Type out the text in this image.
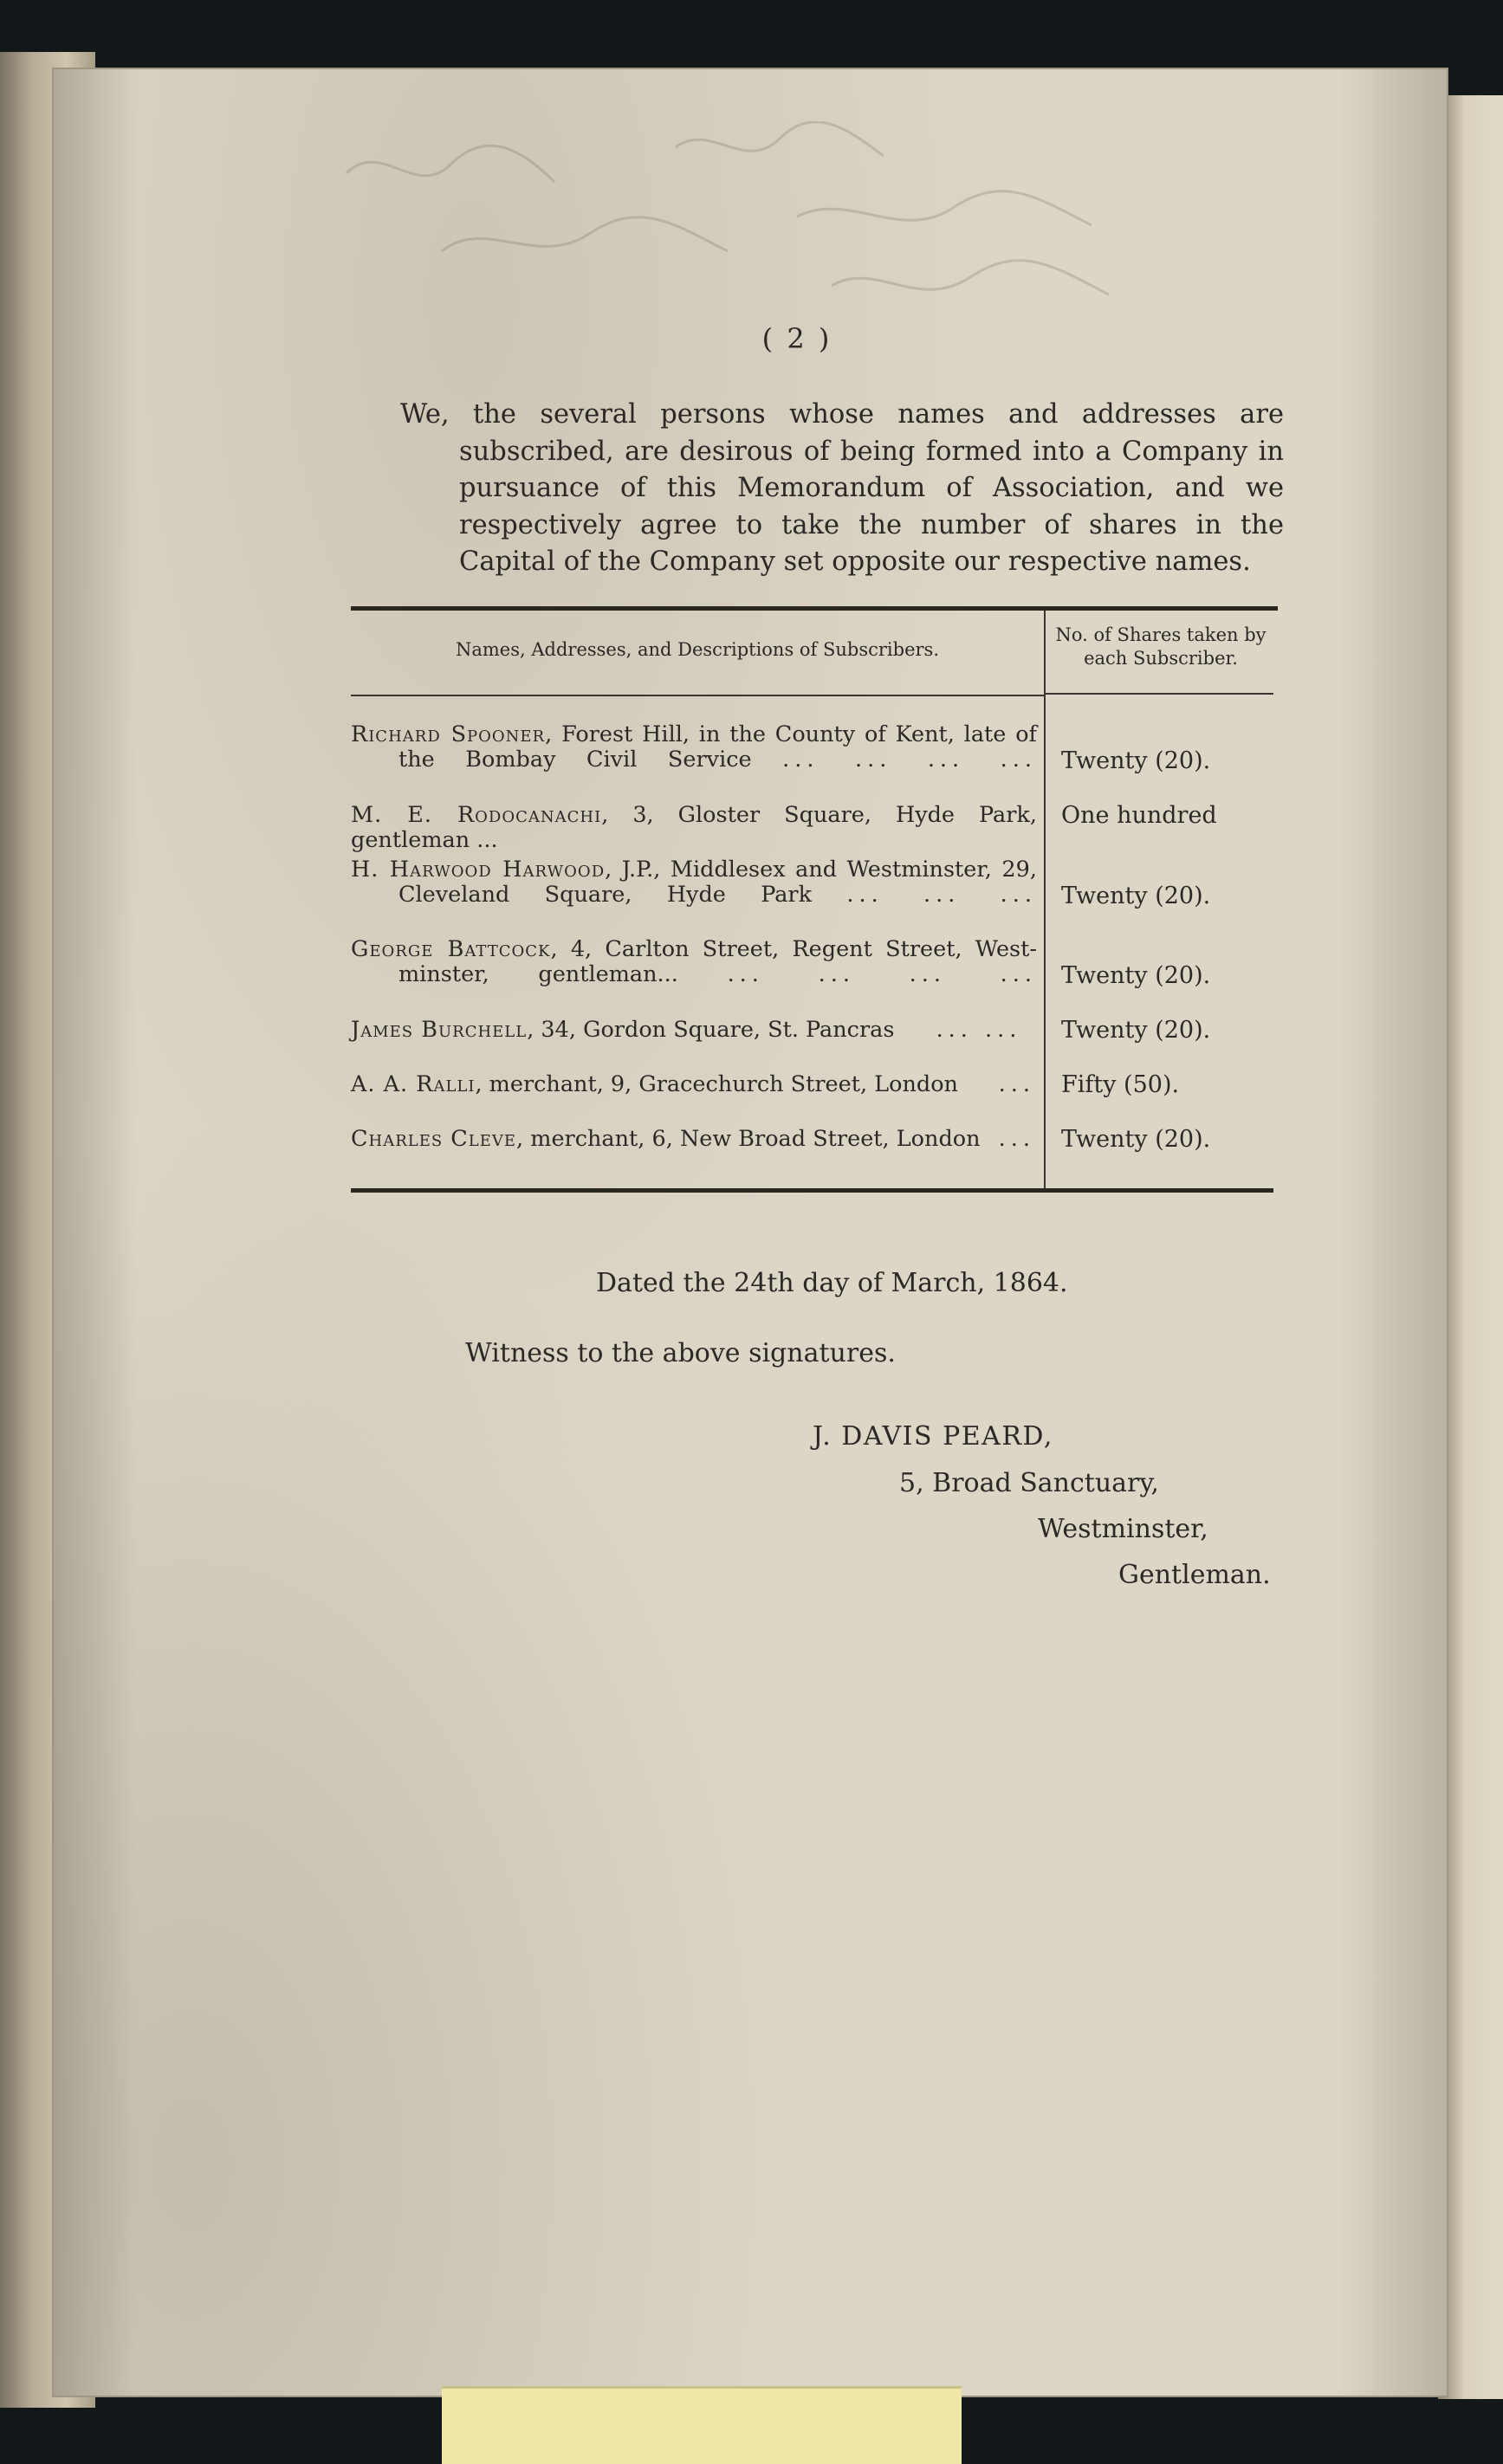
( 2 )

We, the several persons whose names and addresses are subscribed, are desirous of being formed into a Company in pursuance of this Memorandum of Association, and we respectively agree to take the number of shares in the Capital of the Company set opposite our respective names.

Names, Addresses, and Descriptions of Subscribers.
No. of Shares taken by
each Subscriber.
Richard Spooner, Forest Hill, in the County of Kent, late of
the Bombay Civil Service ... ... ... ... Twenty (20).
M. E. Rodocanachi, 3, Gloster Square, Hyde Park, gentleman ...
One hundred
H. Harwood Harwood, J.P., Middlesex and Westminster, 29,
Cleveland Square, Hyde Park ... ... ... Twenty (20).
George Battcock, 4, Carlton Street, Regent Street, West-
minster, gentleman... ... ... ... ... Twenty (20).
James Burchell, 34, Gordon Square, St. Pancras ... ...	Twenty (20).
A. A. Ralli, merchant, 9, Gracechurch Street, London ... Fifty (50).
Charles Cleve, merchant, 6, New Broad Street, London ... Twenty (20).
Dated the 24th day of March, 1864.
Witness to the above signatures.
J. DAVIS PEARD,
5, Broad Sanctuary,
Westminster,
Gentleman.
